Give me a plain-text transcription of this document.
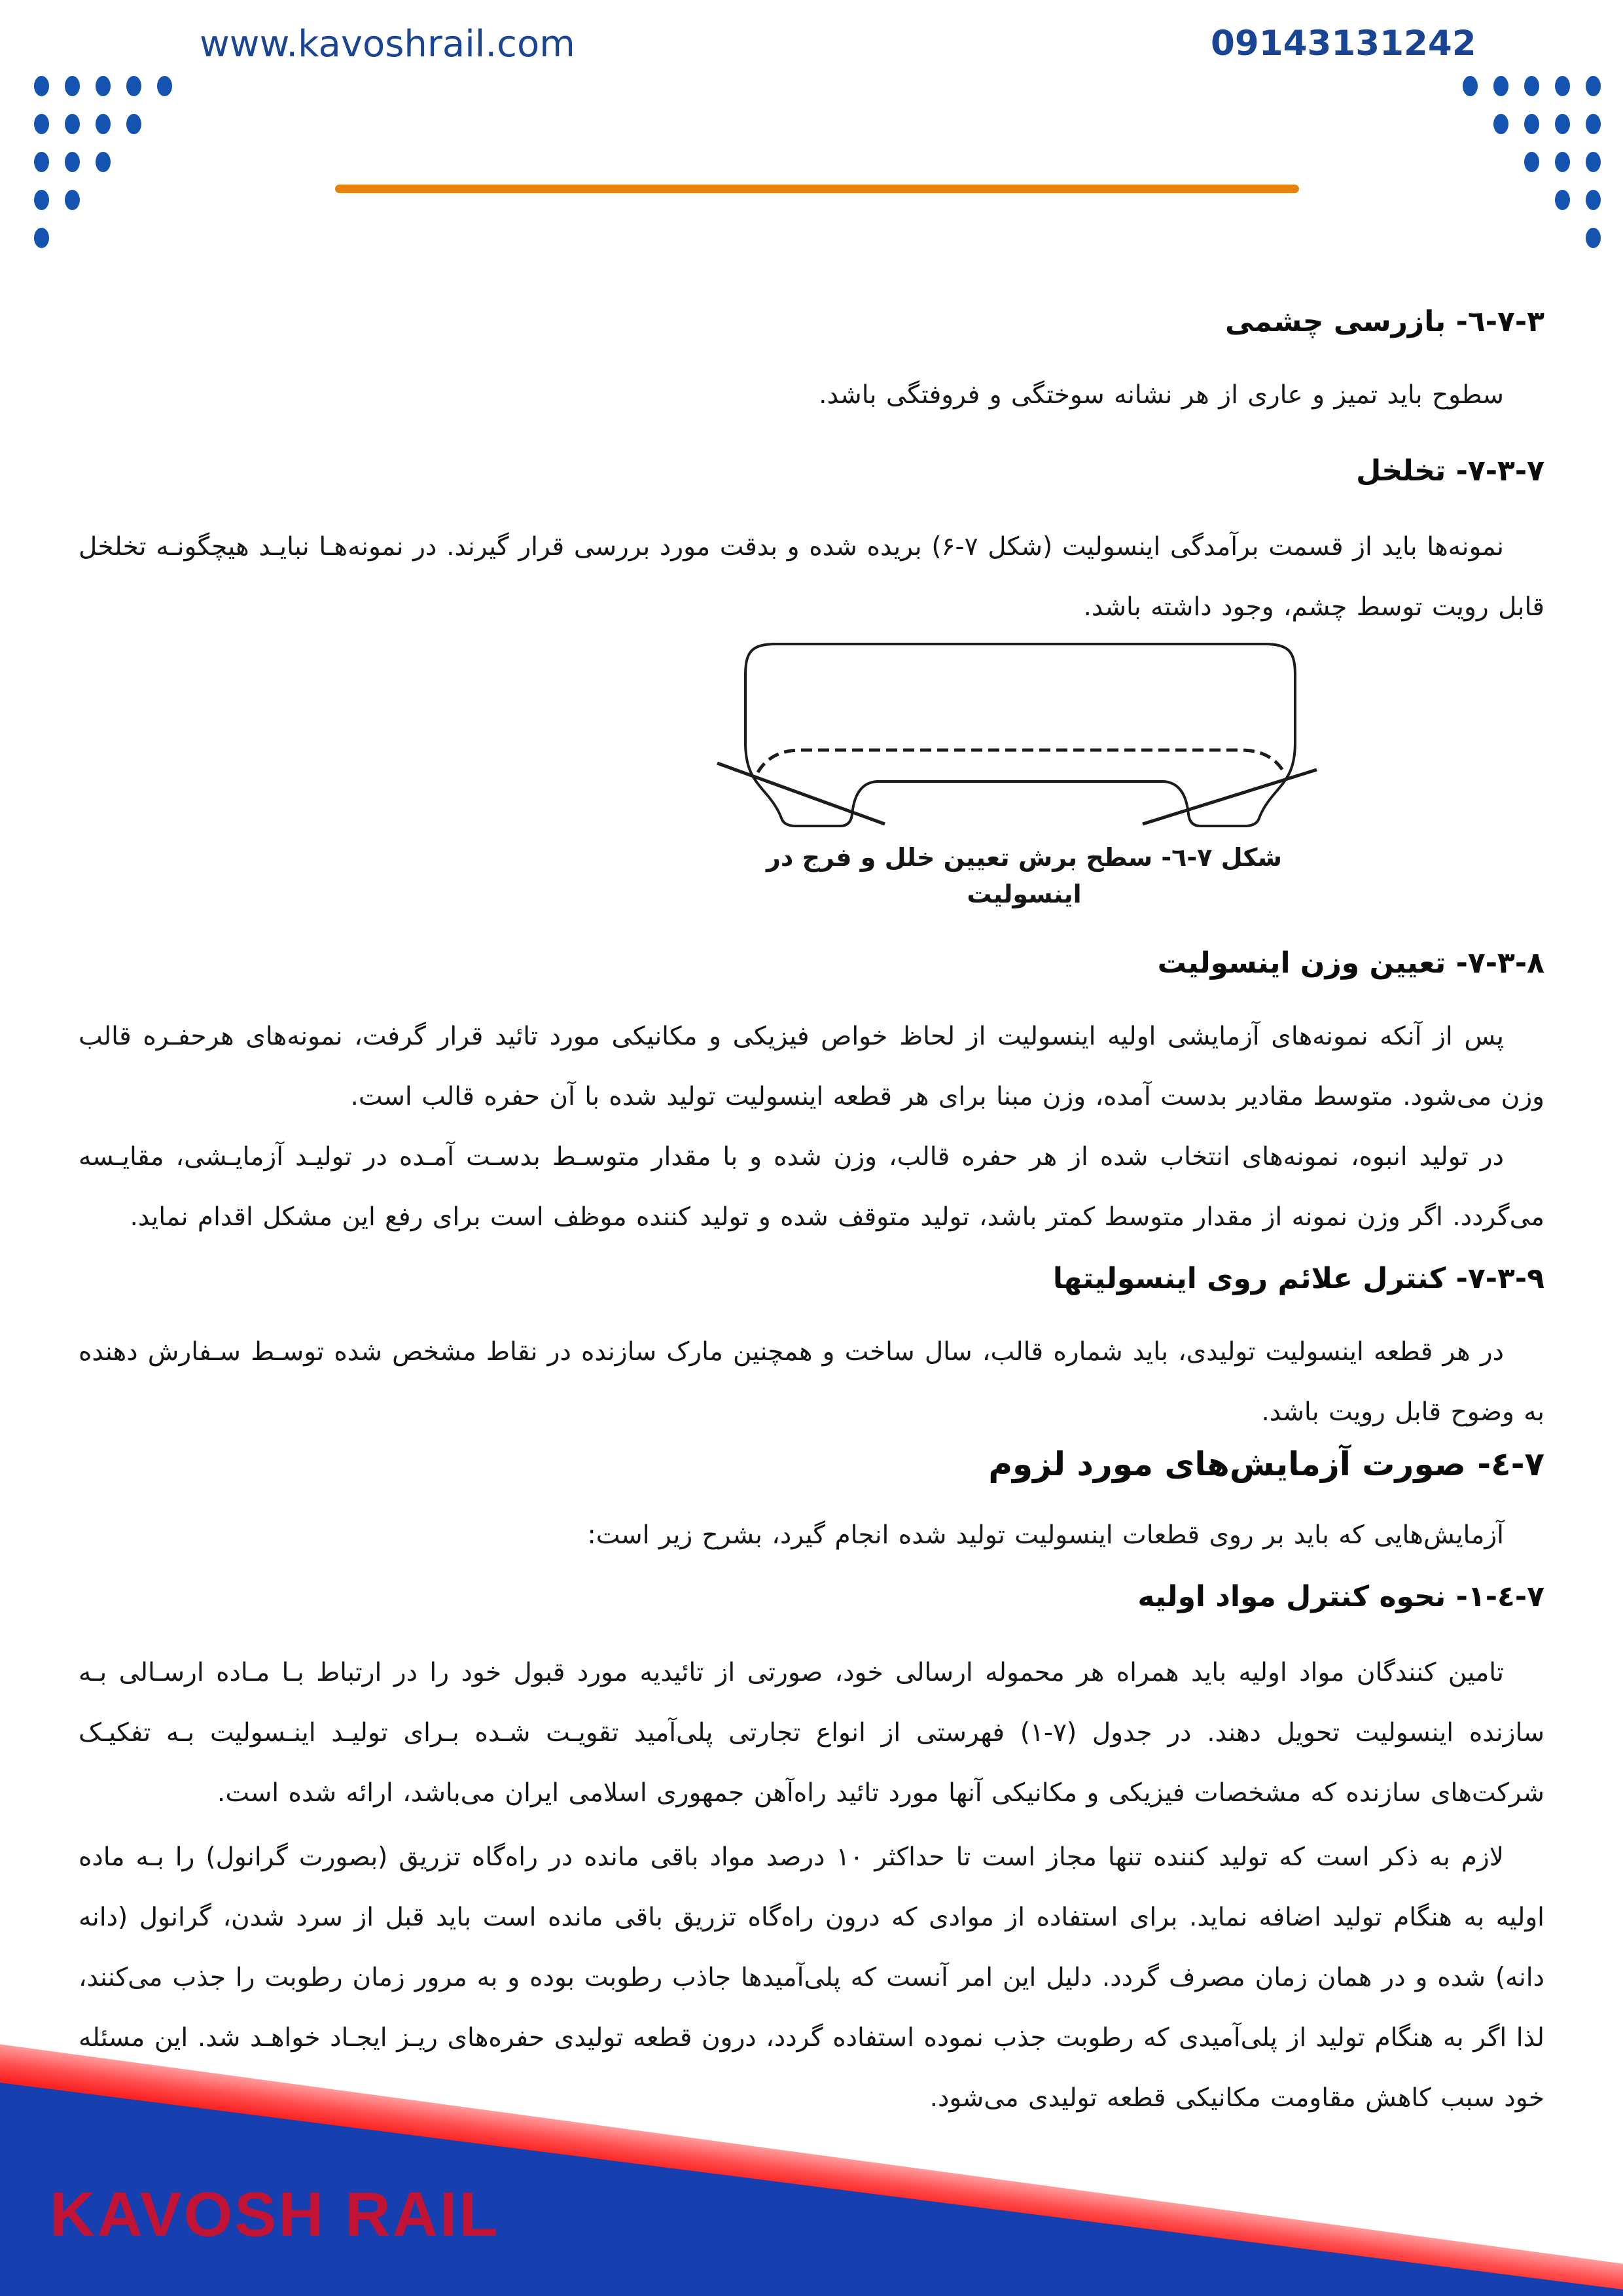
www.kavoshrail.com	09143131242
۷-۳-٦- بازرسی چشمی

سطوح باید تمیز و عاری از هر نشانه سوختگی و فروفتگی باشد.

۷-۳-۷- تخلخل

نمونه‌ها باید از قسمت برآمدگی اینسولیت (شکل ۷-۶) بریده شده و بدقت مورد بررسی قرار گیرند. در نمونه‌هـا نبایـد هیچگونـه تخلخل قابل رویت توسط چشم، وجود داشته باشد.

شکل ۷-٦- سطح برش تعیین خلل و فرج در اینسولیت
۷-۳-۸- تعیین وزن اینسولیت

پس از آنکه نمونه‌های آزمایشی اولیه اینسولیت از لحاظ خواص فیزیکی و مکانیکی مورد تائید قرار گرفت، نمونه‌های هرحفـره قالب وزن می‌شود. متوسط مقادیر بدست آمده، وزن مبنا برای هر قطعه اینسولیت تولید شده با آن حفره قالب است.

در تولید انبوه، نمونه‌های انتخاب شده از هر حفره قالب، وزن شده و با مقدار متوسـط بدسـت آمـده در تولیـد آزمایـشی، مقایـسه می‌گردد. اگر وزن نمونه از مقدار متوسط کمتر باشد، تولید متوقف شده و تولید کننده موظف است برای رفع این مشکل اقدام نماید.

۷-۳-۹- کنترل علائم روی اینسولیتها

در هر قطعه اینسولیت تولیدی، باید شماره قالب، سال ساخت و همچنین مارک سازنده در نقاط مشخص شده توسـط سـفارش دهنده به وضوح قابل رویت باشد.

۷-٤- صورت آزمایش‌های مورد لزوم

آزمایش‌هایی که باید بر روی قطعات اینسولیت تولید شده انجام گیرد، بشرح زیر است:

۷-٤-۱- نحوه کنترل مواد اولیه

تامین کنندگان مواد اولیه باید همراه هر محموله ارسالی خود، صورتی از تائیدیه مورد قبول خود را در ارتباط بـا مـاده ارسـالی بـه سازنده اینسولیت تحویل دهند. در جدول (۷-۱) فهرستی از انواع تجارتی پلی‌آمید تقویـت شـده بـرای تولیـد اینـسولیت بـه تفکیـک شرکت‌های سازنده که مشخصات فیزیکی و مکانیکی آنها مورد تائید راه‌آهن جمهوری اسلامی ایران می‌باشد، ارائه شده است.

لازم به ذکر است که تولید کننده تنها مجاز است تا حداکثر ۱۰ درصد مواد باقی مانده در راه‌گاه تزریق (بصورت گرانول) را بـه ماده اولیه به هنگام تولید اضافه نماید. برای استفاده از موادی که درون راه‌گاه تزریق باقی مانده است باید قبل از سرد شدن، گرانول (دانه دانه) شده و در همان زمان مصرف گردد. دلیل این امر آنست که پلی‌آمیدها جاذب رطوبت بوده و به مرور زمان رطوبت را جذب می‌کنند، لذا اگر به هنگام تولید از پلی‌آمیدی که رطوبت جذب نموده استفاده گردد، درون قطعه تولیدی حفره‌های ریـز ایجـاد خواهـد شد. این مسئله خود سبب کاهش مقاومت مکانیکی قطعه تولیدی می‌شود.

KAVOSH RAIL
